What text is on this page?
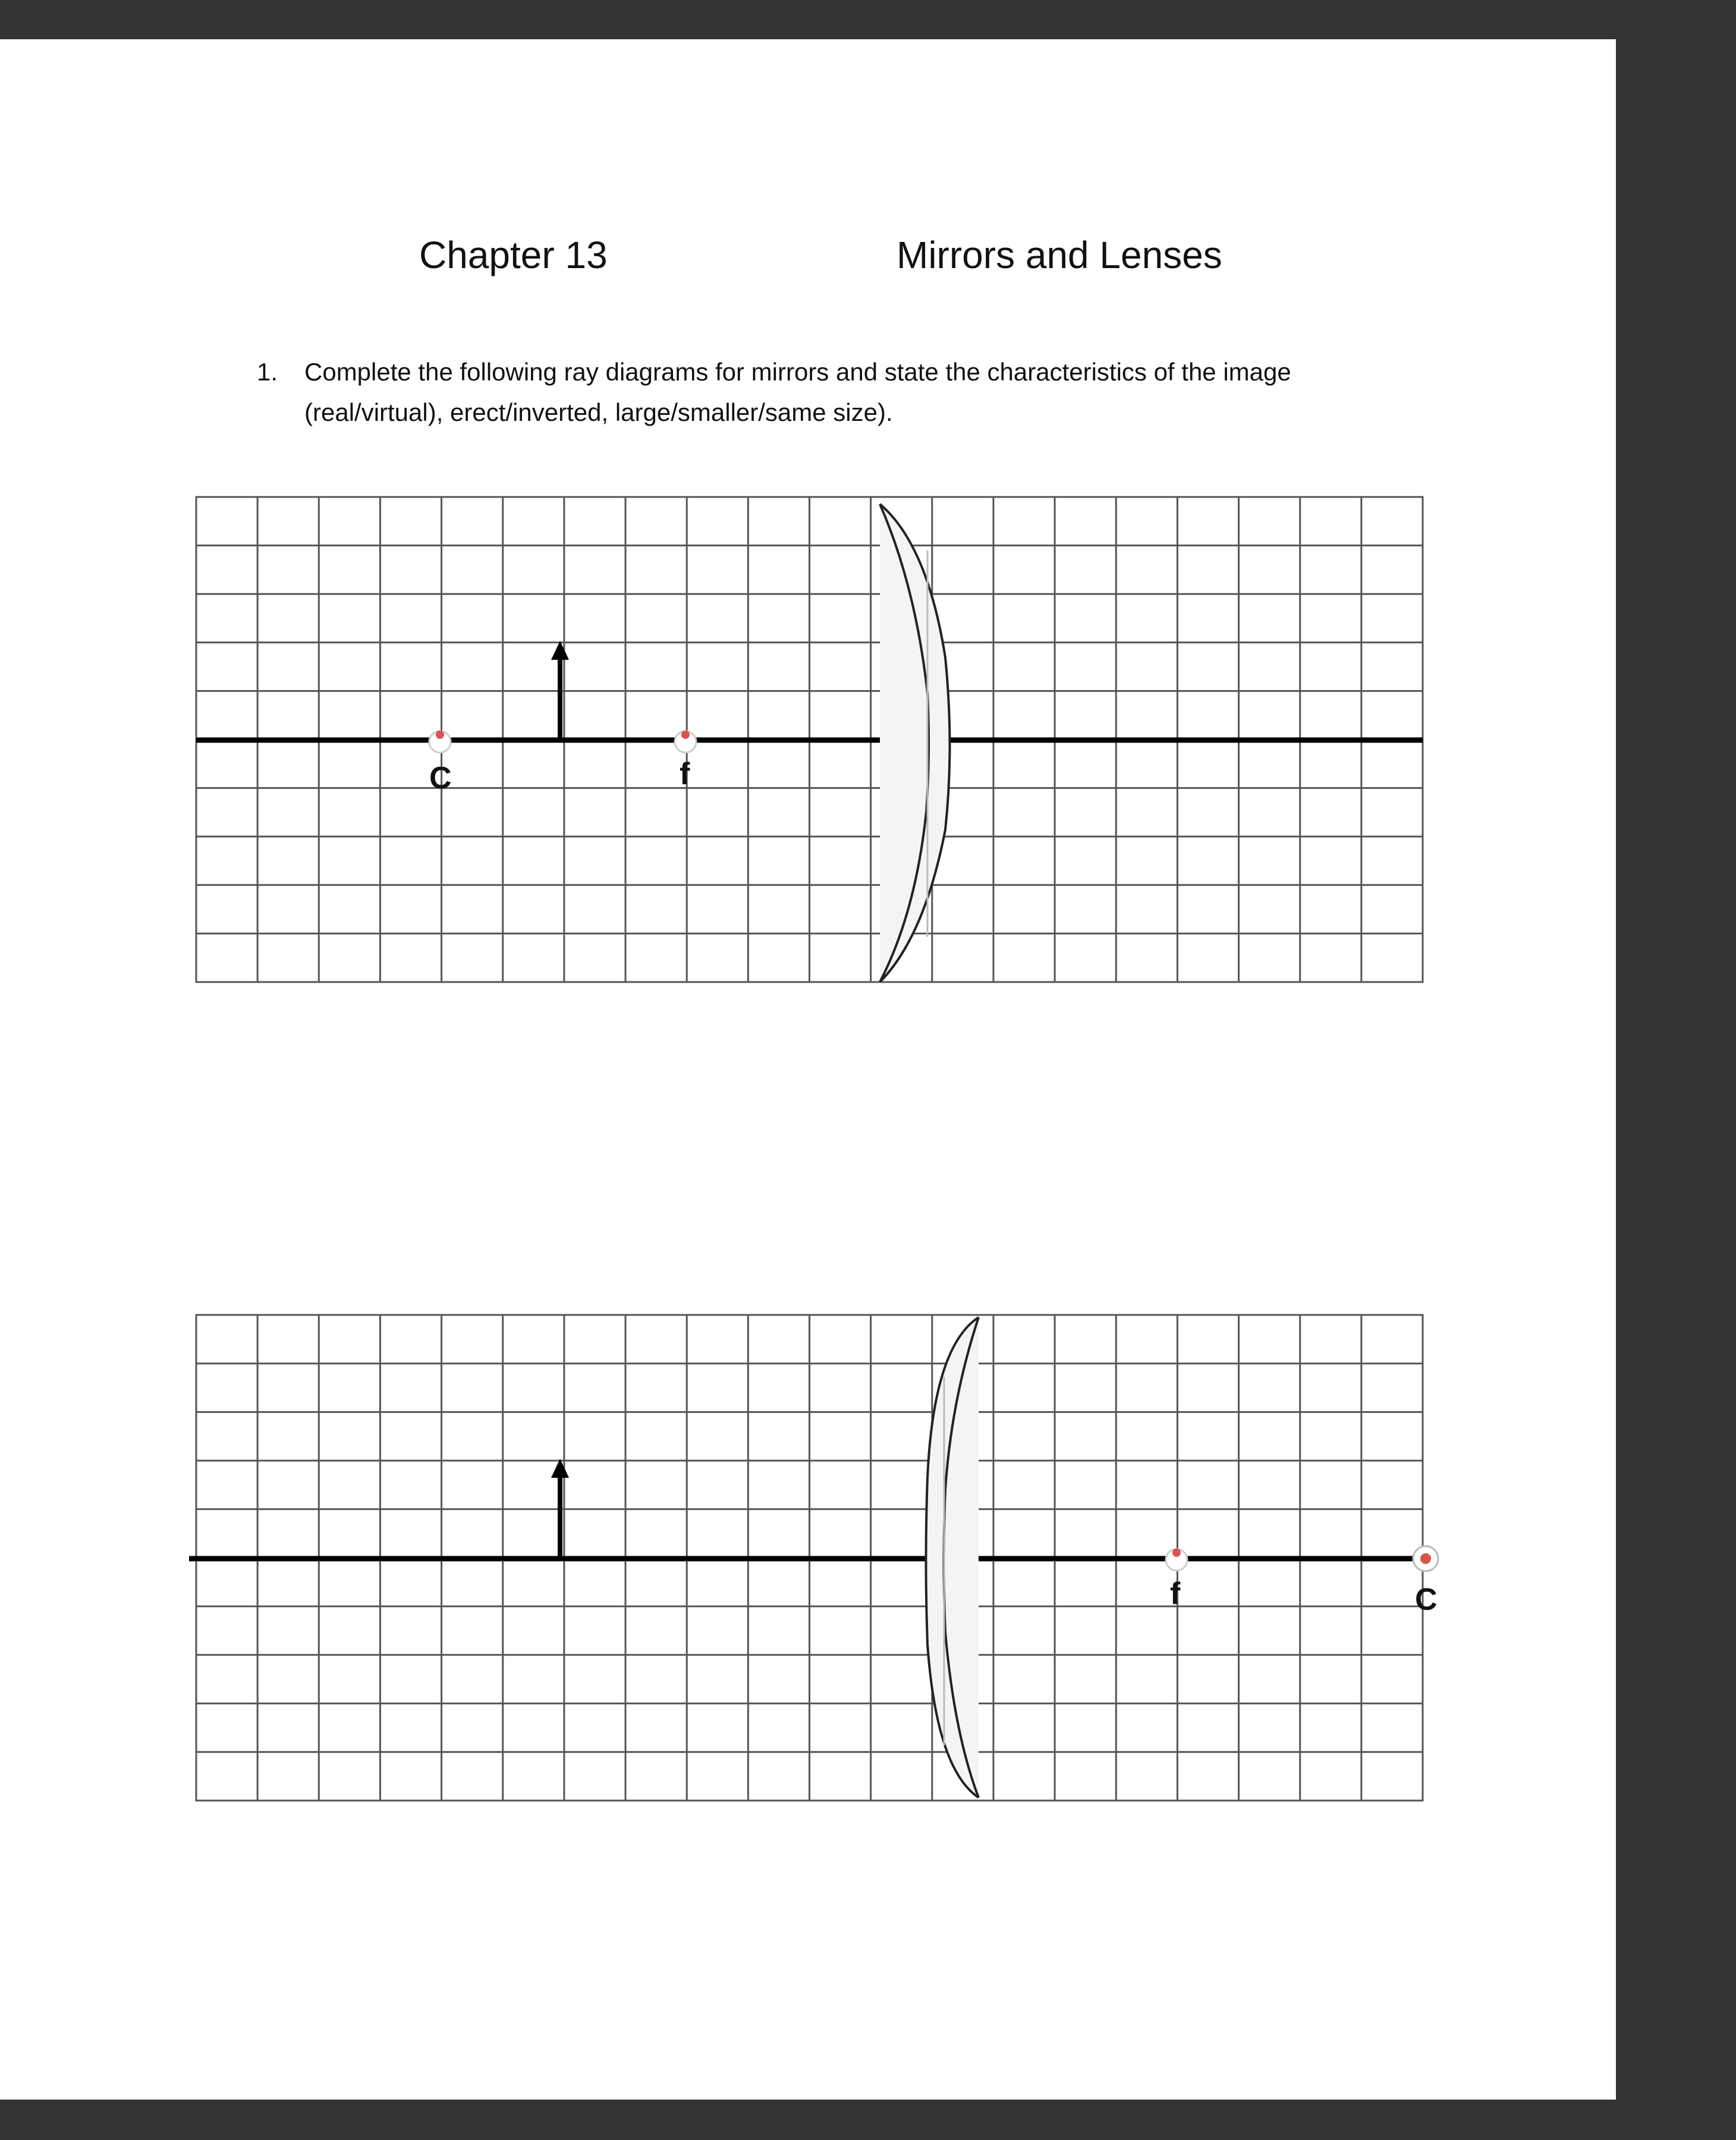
Chapter 13	Mirrors and Lenses
1. Complete the following ray diagrams for mirrors and state the characteristics of the image
(real/virtual), erect/inverted, large/smaller/same size).
C	f
f	C
